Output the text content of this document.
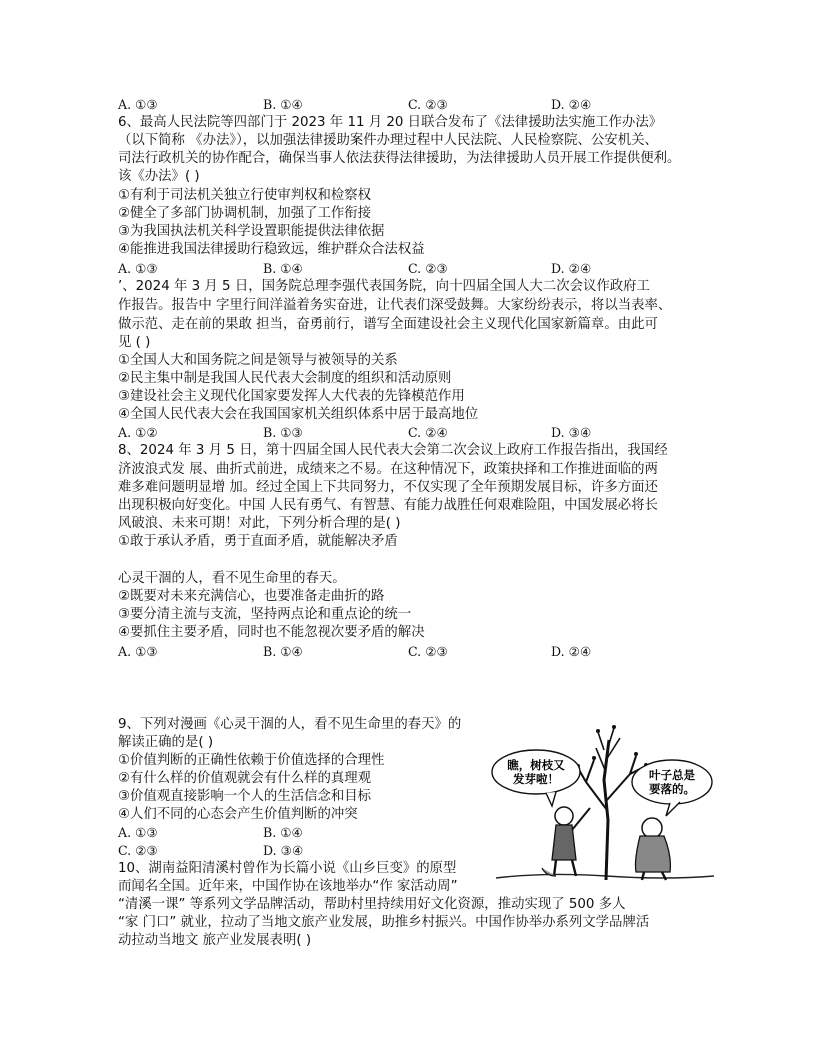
A. ①③	B. ①④	C. ②③	D. ②④
6、最高人民法院等四部门于 2023 年 11 月 20 日联合发布了《法律援助法实施工作办法》
（以下简称 《办法》），以加强法律援助案件办理过程中人民法院、人民检察院、公安机关、
司法行政机关的协作配合，确保当事人依法获得法律援助，为法律援助人员开展工作提供便利。
该《办法》( )
①有利于司法机关独立行使审判权和检察权
②健全了多部门协调机制，加强了工作衔接
③为我国执法机关科学设置职能提供法律依据
④能推进我国法律援助行稳致远，维护群众合法权益
A. ①③	B. ①④	C. ②③	D. ②④
’、2024 年 3 月 5 日，国务院总理李强代表国务院，向十四届全国人大二次会议作政府工
作报告。报告中 字里行间洋溢着务实奋进，让代表们深受鼓舞。大家纷纷表示，将以当表率、
做示范、走在前的果敢 担当，奋勇前行，谱写全面建设社会主义现代化国家新篇章。由此可
见 ( )
①全国人大和国务院之间是领导与被领导的关系
②民主集中制是我国人民代表大会制度的组织和活动原则
③建设社会主义现代化国家要发挥人大代表的先锋模范作用
④全国人民代表大会在我国国家机关组织体系中居于最高地位
A. ①②	B. ①③	C. ②④	D. ③④
8、2024 年 3 月 5 日，第十四届全国人民代表大会第二次会议上政府工作报告指出，我国经
济波浪式发 展、曲折式前进，成绩来之不易。在这种情况下，政策抉择和工作推进面临的两
难多难问题明显增 加。经过全国上下共同努力，不仅实现了全年预期发展目标，许多方面还
出现积极向好变化。中国 人民有勇气、有智慧、有能力战胜任何艰难险阻，中国发展必将长
风破浪、未来可期！对此，下列分析合理的是( )
①敢于承认矛盾，勇于直面矛盾，就能解决矛盾
心灵干涸的人，看不见生命里的春天。
②既要对未来充满信心，也要准备走曲折的路
③要分清主流与支流，坚持两点论和重点论的统一
④要抓住主要矛盾，同时也不能忽视次要矛盾的解决
A. ①③	B. ①④	C. ②③	D. ②④
9、下列对漫画《心灵干涸的人，看不见生命里的春天》的
解读正确的是( )
①价值判断的正确性依赖于价值选择的合理性
②有什么样的价值观就会有什么样的真理观
③价值观直接影响一个人的生活信念和目标
④人们不同的心态会产生价值判断的冲突
A. ①③	B. ①④
C. ②③	D. ③④
瞧，树枝又
发芽啦！	叶子总是
要落的。
10、湖南益阳清溪村曾作为长篇小说《山乡巨变》的原型
而闻名全国。近年来，中国作协在该地举办“作 家活动周”
“清溪一课” 等系列文学品牌活动，帮助村里持续用好文化资源，推动实现了 500 多人
“家 门口” 就业，拉动了当地文旅产业发展，助推乡村振兴。中国作协举办系列文学品牌活
动拉动当地文 旅产业发展表明( )
